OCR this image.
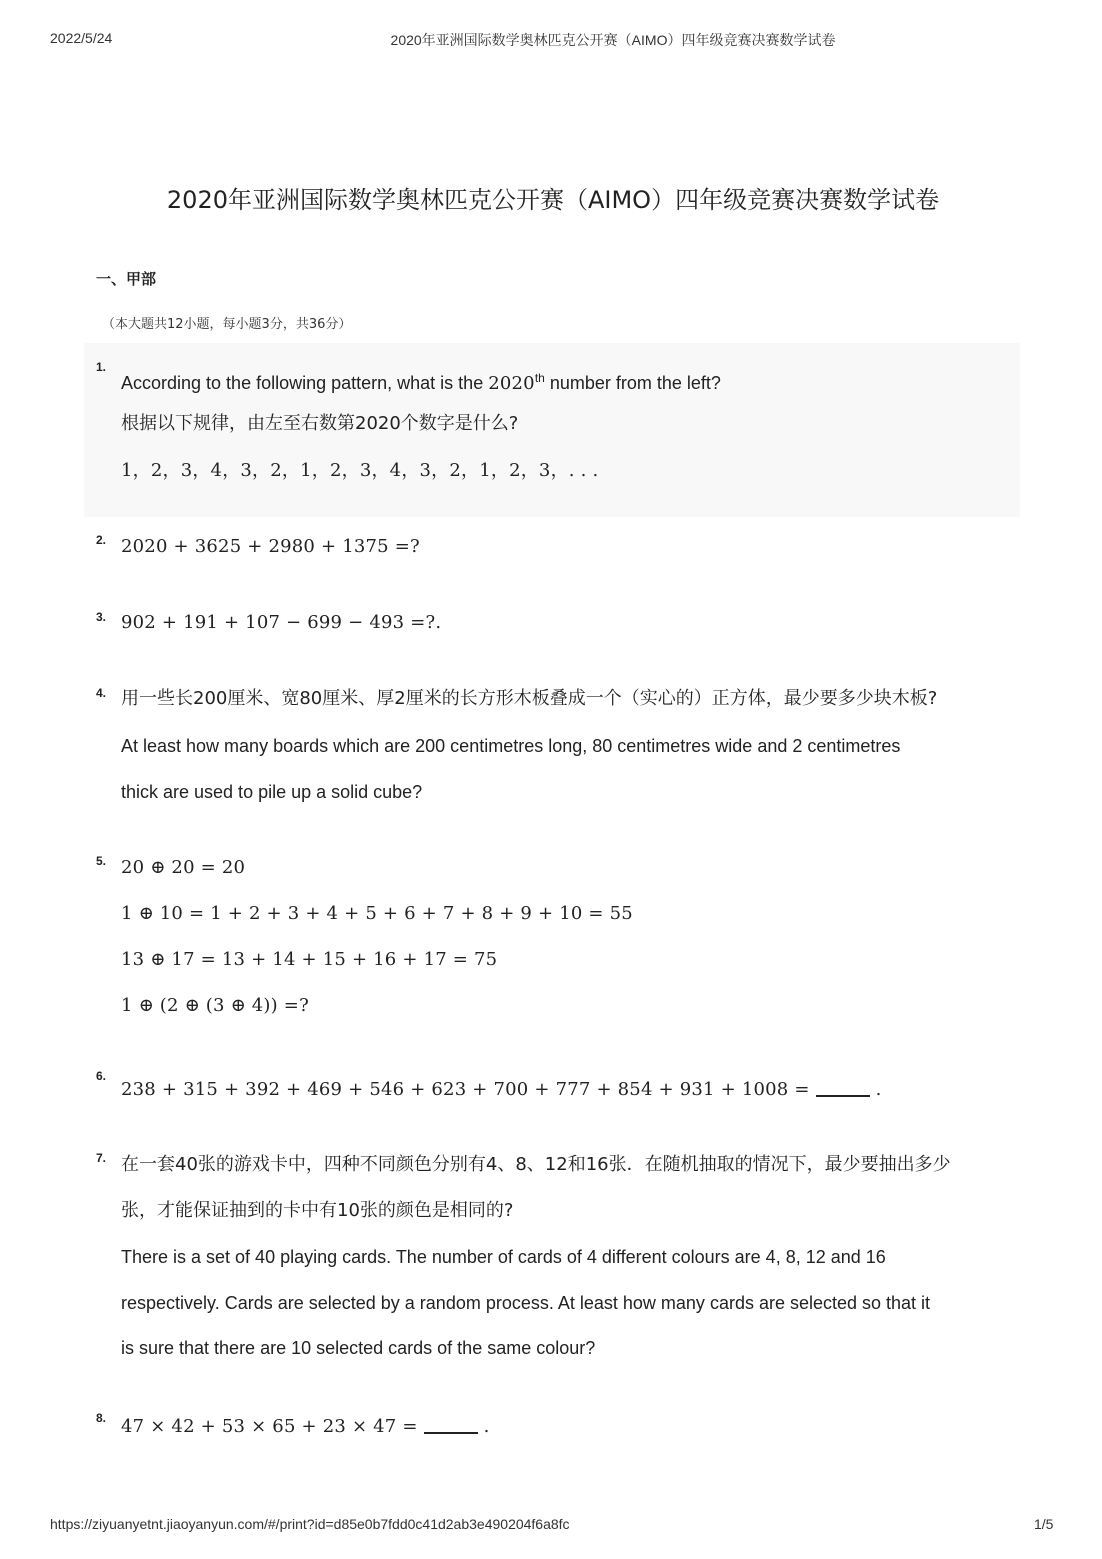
2022/5/24	2020年亚洲国际数学奥林匹克公开赛（AIMO）四年级竞赛决赛数学试卷
2020年亚洲国际数学奥林匹克公开赛（AIMO）四年级竞赛决赛数学试卷
一、甲部
（本大题共12小题，每小题3分，共36分）
1.
According to the following pattern, what is the 2020th number from the left?
根据以下规律，由左至右数第2020个数字是什么?
1，2，3，4，3，2，1，2，3，4，3，2，1，2，3，. . .
2. 2020 + 3625 + 2980 + 1375 =?
3. 902 + 191 + 107 − 699 − 493 =?.
4. 用一些长200厘米、宽80厘米、厚2厘米的长方形木板叠成一个（实心的）正方体，最少要多少块木板?
At least how many boards which are 200 centimetres long, 80 centimetres wide and 2 centimetres
thick are used to pile up a solid cube?
5. 20 ⊕ 20 = 20
1 ⊕ 10 = 1 + 2 + 3 + 4 + 5 + 6 + 7 + 8 + 9 + 10 = 55
13 ⊕ 17 = 13 + 14 + 15 + 16 + 17 = 75
1 ⊕ (2 ⊕ (3 ⊕ 4)) =?
6.
238 + 315 + 392 + 469 + 546 + 623 + 700 + 777 + 854 + 931 + 1008 =	.
7. 在一套40张的游戏卡中，四种不同颜色分别有4、8、12和16张．在随机抽取的情况下，最少要抽出多少
张，才能保证抽到的卡中有10张的颜色是相同的?
There is a set of 40 playing cards. The number of cards of 4 different colours are 4, 8, 12 and 16
respectively. Cards are selected by a random process. At least how many cards are selected so that it
is sure that there are 10 selected cards of the same colour?
8. 47 × 42 + 53 × 65 + 23 × 47 =	.
https://ziyuanyetnt.jiaoyanyun.com/#/print?id=d85e0b7fdd0c41d2ab3e490204f6a8fc	1/5
